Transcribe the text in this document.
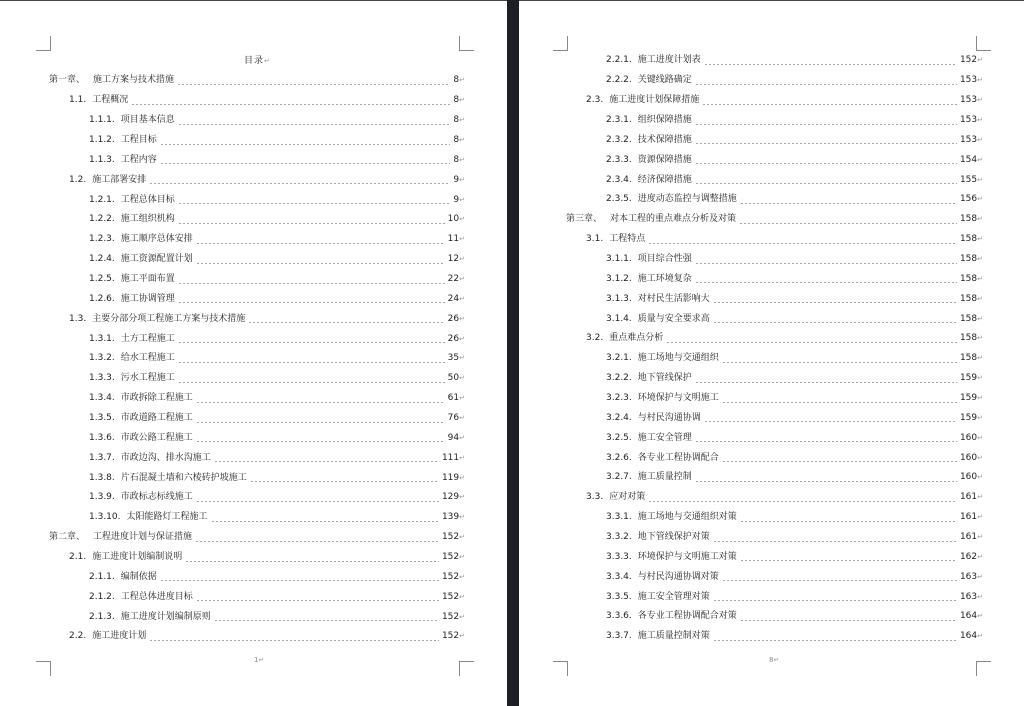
目录↵
第一章、 施工方案与技术措施	8↵
1.1. 工程概况	8↵
1.1.1. 项目基本信息	8↵
1.1.2. 工程目标	8↵
1.1.3. 工程内容	8↵
1.2. 施工部署安排	9↵
1.2.1. 工程总体目标	9↵
1.2.2. 施工组织机构	10↵
1.2.3. 施工顺序总体安排	11↵
1.2.4. 施工资源配置计划	12↵
1.2.5. 施工平面布置	22↵
1.2.6. 施工协调管理	24↵
1.3. 主要分部分项工程施工方案与技术措施	26↵
1.3.1. 土方工程施工	26↵
1.3.2. 给水工程施工	35↵
1.3.3. 污水工程施工	50↵
1.3.4. 市政拆除工程施工	61↵
1.3.5. 市政道路工程施工	76↵
1.3.6. 市政公路工程施工	94↵
1.3.7. 市政边沟、排水沟施工	111↵
1.3.8. 片石混凝土墙和六棱砖护坡施工	119↵
1.3.9. 市政标志标线施工	129↵
1.3.10. 太阳能路灯工程施工	139↵
第二章、 工程进度计划与保证措施	152↵
2.1. 施工进度计划编制说明	152↵
2.1.1. 编制依据	152↵
2.1.2. 工程总体进度目标	152↵
2.1.3. 施工进度计划编制原则	152↵
2.2. 施工进度计划	152↵
1↵
2.2.1. 施工进度计划表	152↵
2.2.2. 关键线路确定	153↵
2.3. 施工进度计划保障措施	153↵
2.3.1. 组织保障措施	153↵
2.3.2. 技术保障措施	153↵
2.3.3. 资源保障措施	154↵
2.3.4. 经济保障措施	155↵
2.3.5. 进度动态监控与调整措施	156↵
第三章、 对本工程的重点难点分析及对策	158↵
3.1. 工程特点	158↵
3.1.1. 项目综合性强	158↵
3.1.2. 施工环境复杂	158↵
3.1.3. 对村民生活影响大	158↵
3.1.4. 质量与安全要求高	158↵
3.2. 重点难点分析	158↵
3.2.1. 施工场地与交通组织	158↵
3.2.2. 地下管线保护	159↵
3.2.3. 环境保护与文明施工	159↵
3.2.4. 与村民沟通协调	159↵
3.2.5. 施工安全管理	160↵
3.2.6. 各专业工程协调配合	160↵
3.2.7. 施工质量控制	160↵
3.3. 应对对策	161↵
3.3.1. 施工场地与交通组织对策	161↵
3.3.2. 地下管线保护对策	161↵
3.3.3. 环境保护与文明施工对策	162↵
3.3.4. 与村民沟通协调对策	163↵
3.3.5. 施工安全管理对策	163↵
3.3.6. 各专业工程协调配合对策	164↵
3.3.7. 施工质量控制对策	164↵
8↵
